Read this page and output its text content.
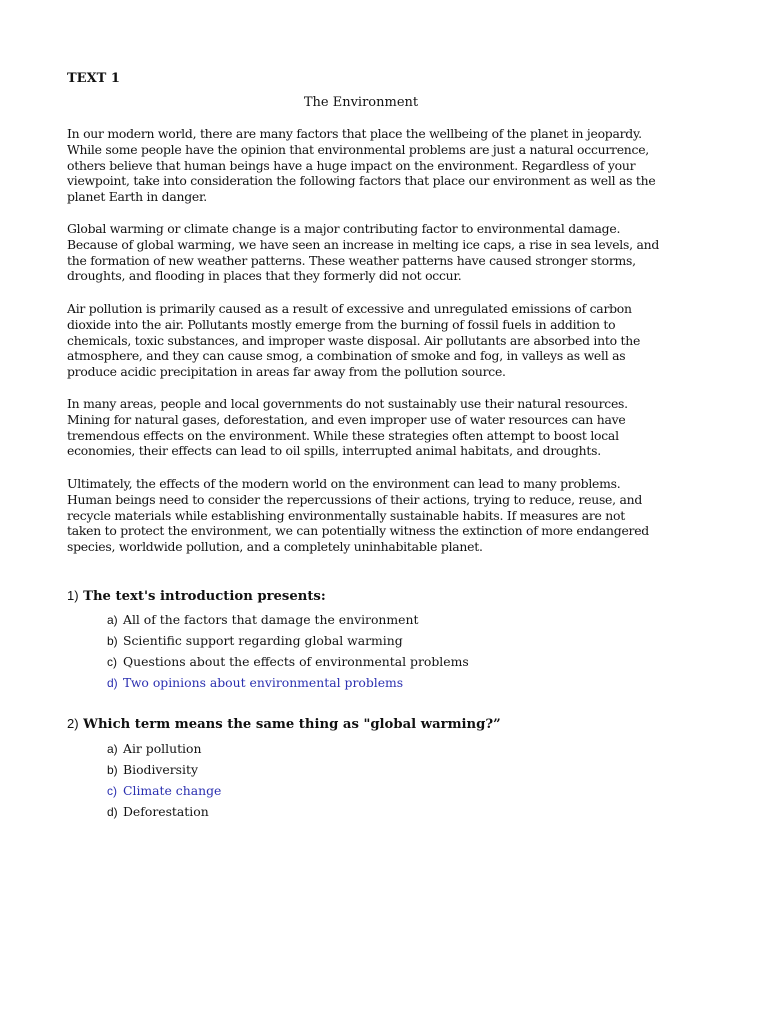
TEXT 1
The Environment

In our modern world, there are many factors that place the wellbeing of the planet in jeopardy.
While some people have the opinion that environmental problems are just a natural occurrence,
others believe that human beings have a huge impact on the environment. Regardless of your
viewpoint, take into consideration the following factors that place our environment as well as the
planet Earth in danger.

Global warming or climate change is a major contributing factor to environmental damage.
Because of global warming, we have seen an increase in melting ice caps, a rise in sea levels, and
the formation of new weather patterns. These weather patterns have caused stronger storms,
droughts, and flooding in places that they formerly did not occur.

Air pollution is primarily caused as a result of excessive and unregulated emissions of carbon
dioxide into the air. Pollutants mostly emerge from the burning of fossil fuels in addition to
chemicals, toxic substances, and improper waste disposal. Air pollutants are absorbed into the
atmosphere, and they can cause smog, a combination of smoke and fog, in valleys as well as
produce acidic precipitation in areas far away from the pollution source.

In many areas, people and local governments do not sustainably use their natural resources.
Mining for natural gases, deforestation, and even improper use of water resources can have
tremendous effects on the environment. While these strategies often attempt to boost local
economies, their effects can lead to oil spills, interrupted animal habitats, and droughts.

Ultimately, the effects of the modern world on the environment can lead to many problems.
Human beings need to consider the repercussions of their actions, trying to reduce, reuse, and
recycle materials while establishing environmentally sustainable habits. If measures are not
taken to protect the environment, we can potentially witness the extinction of more endangered
species, worldwide pollution, and a completely uninhabitable planet.

1) The text's introduction presents:
a) All of the factors that damage the environment
b) Scientific support regarding global warming
c) Questions about the effects of environmental problems
d) Two opinions about environmental problems
2) Which term means the same thing as "global warming?”
a) Air pollution
b) Biodiversity
c) Climate change
d) Deforestation
